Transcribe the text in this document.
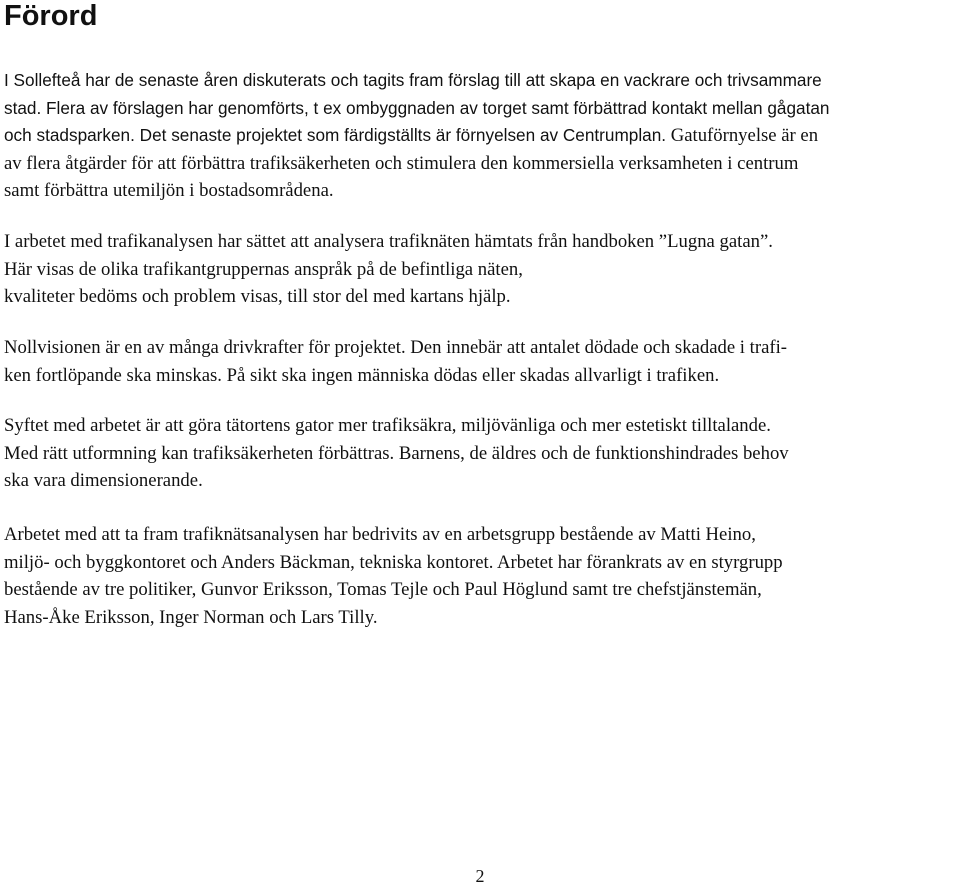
Förord

I Sollefteå har de senaste åren diskuterats och tagits fram förslag till att skapa en vackrare och trivsammare
stad. Flera av förslagen har genomförts, t ex ombyggnaden av torget samt förbättrad kontakt mellan gågatan
och stadsparken. Det senaste projektet som färdigställts är förnyelsen av Centrumplan. Gatuförnyelse är en
av flera åtgärder för att förbättra trafiksäkerheten och stimulera den kommersiella verksamheten i centrum
samt förbättra utemiljön i bostadsområdena.

I arbetet med trafikanalysen har sättet att analysera trafiknäten hämtats från handboken ”Lugna gatan”.
Här visas de olika trafikantgruppernas anspråk på de befintliga näten,
kvaliteter bedöms och problem visas, till stor del med kartans hjälp.

Nollvisionen är en av många drivkrafter för projektet. Den innebär att antalet dödade och skadade i trafi-
ken fortlöpande ska minskas. På sikt ska ingen människa dödas eller skadas allvarligt i trafiken.

Syftet med arbetet är att göra tätortens gator mer trafiksäkra, miljövänliga och mer estetiskt tilltalande.
Med rätt utformning kan trafiksäkerheten förbättras. Barnens, de äldres och de funktionshindrades behov
ska vara dimensionerande.

Arbetet med att ta fram trafiknätsanalysen har bedrivits av en arbetsgrupp bestående av Matti Heino,
miljö- och byggkontoret och Anders Bäckman, tekniska kontoret. Arbetet har förankrats av en styrgrupp
bestående av tre politiker, Gunvor Eriksson, Tomas Tejle och Paul Höglund samt tre chefstjänstemän,
Hans-Åke Eriksson, Inger Norman och Lars Tilly.

2
